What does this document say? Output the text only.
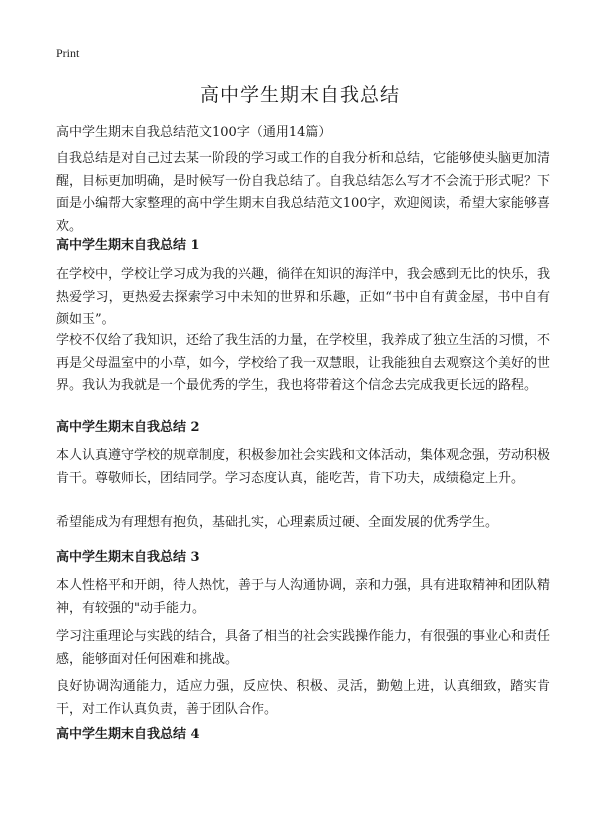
Print
高中学生期末自我总结
高中学生期末自我总结范文100字（通用14篇）

自我总结是对自己过去某一阶段的学习或工作的自我分析和总结，它能够使头脑更加清醒，目标更加明确，是时候写一份自我总结了。自我总结怎么写才不会流于形式呢？下面是小编帮大家整理的高中学生期末自我总结范文100字，欢迎阅读，希望大家能够喜欢。

高中学生期末自我总结 1

在学校中，学校让学习成为我的兴趣，徜徉在知识的海洋中，我会感到无比的快乐，我热爱学习，更热爱去探索学习中未知的世界和乐趣，正如“书中自有黄金屋，书中自有颜如玉”。

学校不仅给了我知识，还给了我生活的力量，在学校里，我养成了独立生活的习惯，不再是父母温室中的小草，如今，学校给了我一双慧眼，让我能独自去观察这个美好的世界。我认为我就是一个最优秀的学生，我也将带着这个信念去完成我更长远的路程。

高中学生期末自我总结 2

本人认真遵守学校的规章制度，积极参加社会实践和文体活动，集体观念强，劳动积极肯干。尊敬师长，团结同学。学习态度认真，能吃苦，肯下功夫，成绩稳定上升。

希望能成为有理想有抱负，基础扎实，心理素质过硬、全面发展的优秀学生。

高中学生期末自我总结 3

本人性格平和开朗，待人热忱，善于与人沟通协调，亲和力强，具有进取精神和团队精神，有较强的"动手能力。

学习注重理论与实践的结合，具备了相当的社会实践操作能力，有很强的事业心和责任感，能够面对任何困难和挑战。

良好协调沟通能力，适应力强，反应快、积极、灵活，勤勉上进，认真细致，踏实肯干，对工作认真负责，善于团队合作。

高中学生期末自我总结 4
